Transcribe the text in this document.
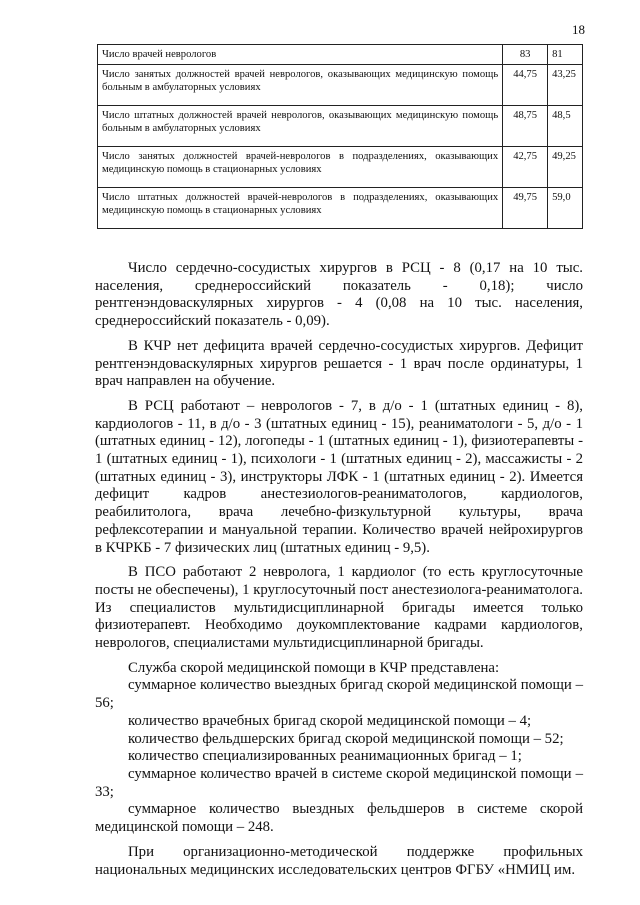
18
Число врачей неврологов	83	81
Число занятых должностей врачей неврологов, оказывающих медицинскую помощь больным в амбулаторных условиях	44,75	43,25
Число штатных должностей врачей неврологов, оказывающих медицинскую помощь больным в амбулаторных условиях	48,75	48,5
Число занятых должностей врачей-неврологов в подразделениях, оказывающих медицинскую помощь в стационарных условиях	42,75	49,25
Число штатных должностей врачей-неврологов в подразделениях, оказывающих медицинскую помощь в стационарных условиях	49,75	59,0

Число сердечно-сосудистых хирургов в РСЦ - 8 (0,17 на 10 тыс. населения, среднероссийский показатель - 0,18); число рентгенэндоваскулярных хирургов - 4 (0,08 на 10 тыс. населения, среднероссийский показатель - 0,09).

В КЧР нет дефицита врачей сердечно-сосудистых хирургов. Дефицит рентгенэндоваскулярных хирургов решается - 1 врач после ординатуры, 1 врач направлен на обучение.

В РСЦ работают – неврологов - 7, в д/о - 1 (штатных единиц - 8), кардиологов - 11, в д/о - 3 (штатных единиц - 15), реаниматологи - 5, д/о - 1 (штатных единиц - 12), логопеды - 1 (штатных единиц - 1), физиотерапевты - 1 (штатных единиц - 1), психологи - 1 (штатных единиц - 2), массажисты - 2 (штатных единиц - 3), инструкторы ЛФК - 1 (штатных единиц - 2). Имеется дефицит кадров анестезиологов-реаниматологов, кардиологов, реабилитолога, врача лечебно-физкультурной культуры, врача рефлексотерапии и мануальной терапии. Количество врачей нейрохирургов в КЧРКБ - 7 физических лиц (штатных единиц - 9,5).

В ПСО работают 2 невролога, 1 кардиолог (то есть круглосуточные посты не обеспечены), 1 круглосуточный пост анестезиолога-реаниматолога. Из специалистов мультидисциплинарной бригады имеется только физиотерапевт. Необходимо доукомплектование кадрами кардиологов, неврологов, специалистами мультидисциплинарной бригады.

Служба скорой медицинской помощи в КЧР представлена:

суммарное количество выездных бригад скорой медицинской помощи – 56;

количество врачебных бригад скорой медицинской помощи – 4;

количество фельдшерских бригад скорой медицинской помощи – 52;

количество специализированных реанимационных бригад – 1;

суммарное количество врачей в системе скорой медицинской помощи – 33;

суммарное количество выездных фельдшеров в системе скорой медицинской помощи – 248.

При организационно-методической поддержке профильных национальных медицинских исследовательских центров ФГБУ «НМИЦ им.
